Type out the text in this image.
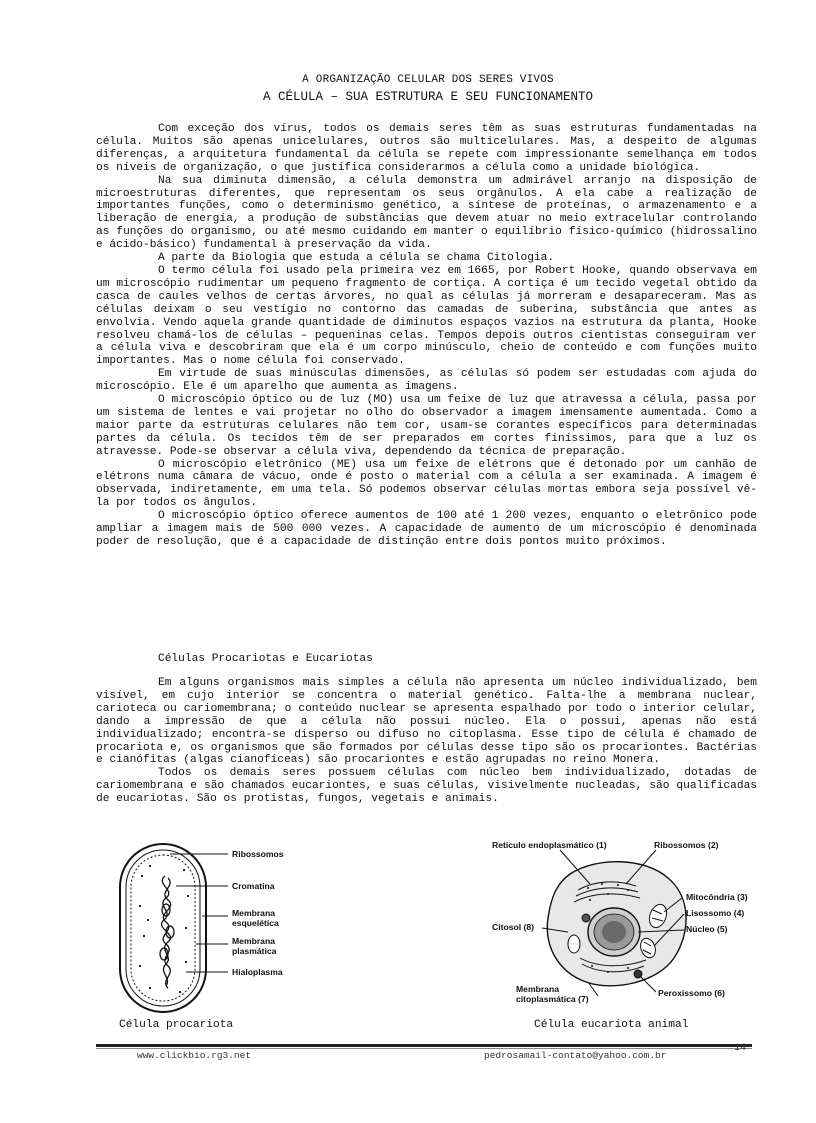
A ORGANIZAÇÃO CELULAR DOS SERES VIVOS
A CÉLULA – SUA ESTRUTURA E SEU FUNCIONAMENTO

Com exceção dos vírus, todos os demais seres têm as suas estruturas fundamentadas na célula. Muitos são apenas unicelulares, outros são multicelulares. Mas, a despeito de algumas diferenças, a arquitetura fundamental da célula se repete com impressionante semelhança em todos os níveis de organização, o que justifica considerarmos a célula como a unidade biológica.

Na sua diminuta dimensão, a célula demonstra um admirável arranjo na disposição de microestruturas diferentes, que representam os seus orgânulos. A ela cabe a realização de importantes funções, como o determinismo genético, a síntese de proteínas, o armazenamento e a liberação de energia, a produção de substâncias que devem atuar no meio extracelular controlando as funções do organismo, ou até mesmo cuidando em manter o equilíbrio físico-químico (hidrossalino e ácido-básico) fundamental à preservação da vida.

A parte da Biologia que estuda a célula se chama Citologia.

O termo célula foi usado pela primeira vez em 1665, por Robert Hooke, quando observava em um microscópio rudimentar um pequeno fragmento de cortiça. A cortiça é um tecido vegetal obtido da casca de caules velhos de certas árvores, no qual as células já morreram e desapareceram. Mas as células deixam o seu vestígio no contorno das camadas de suberina, substância que antes as envolvia. Vendo aquela grande quantidade de diminutos espaços vazios na estrutura da planta, Hooke resolveu chamá-los de células – pequeninas celas. Tempos depois outros cientistas conseguiram ver a célula viva e descobriram que ela é um corpo minúsculo, cheio de conteúdo e com funções muito importantes. Mas o nome célula foi conservado.

Em virtude de suas minúsculas dimensões, as células só podem ser estudadas com ajuda do microscópio. Ele é um aparelho que aumenta as imagens.

O microscópio óptico ou de luz (MO) usa um feixe de luz que atravessa a célula, passa por um sistema de lentes e vai projetar no olho do observador a imagem imensamente aumentada. Como a maior parte da estruturas celulares não tem cor, usam-se corantes específicos para determinadas partes da célula. Os tecidos têm de ser preparados em cortes finíssimos, para que a luz os atravesse. Pode-se observar a célula viva, dependendo da técnica de preparação.

O microscópio eletrônico (ME) usa um feixe de elétrons que é detonado por um canhão de elétrons numa câmara de vácuo, onde é posto o material com a célula a ser examinada. A imagem é observada, indiretamente, em uma tela. Só podemos observar células mortas embora seja possível vê-la por todos os ângulos.

O microscópio óptico oferece aumentos de 100 até 1 200 vezes, enquanto o eletrônico pode ampliar a imagem mais de 500 000 vezes. A capacidade de aumento de um microscópio é denominada poder de resolução, que é a capacidade de distinção entre dois pontos muito próximos.

Células Procariotas e Eucariotas

Em alguns organismos mais simples a célula não apresenta um núcleo individualizado, bem visível, em cujo interior se concentra o material genético. Falta-lhe a membrana nuclear, carioteca ou cariomembrana; o conteúdo nuclear se apresenta espalhado por todo o interior celular, dando a impressão de que a célula não possui núcleo. Ela o possui, apenas não está individualizado; encontra-se disperso ou difuso no citoplasma. Esse tipo de célula é chamado de procariota e, os organismos que são formados por células desse tipo são os procariontes. Bactérias e cianófitas (algas cianofíceas) são procariontes e estão agrupadas no reino Monera.

Todos os demais seres possuem células com núcleo bem individualizado, dotadas de cariomembrana e são chamados eucariontes, e suas células, visivelmente nucleadas, são qualificadas de eucariotas. São os protistas, fungos, vegetais e animais.

Ribossomos
Cromatina
Membrana
esquelética
Membrana
plasmática
Hialoplasma
Célula procariota
Retículo endoplasmático (1)	Ribossomos (2)
Mitocôndria (3)
Lisossomo (4)
Núcleo (5)
Citosol (8)
Peroxissomo (6)
Membrana
citoplasmática (7)
Célula eucariota animal
www.clickbio.rg3.net	pedrosamail-contato@yahoo.com.br
14
